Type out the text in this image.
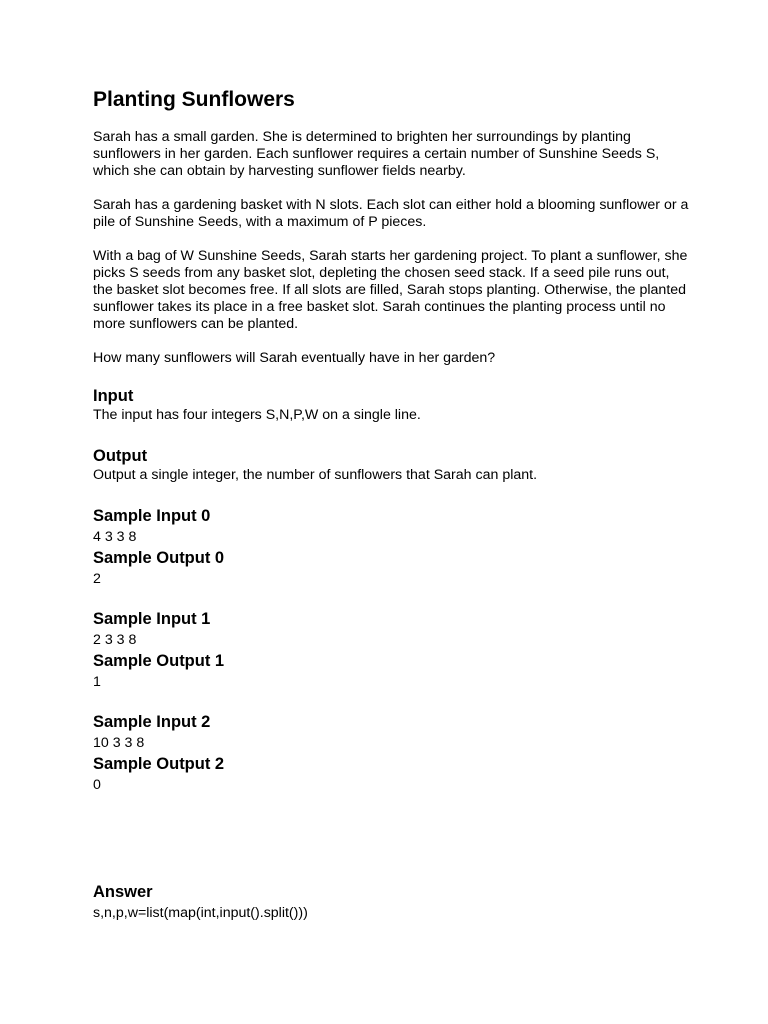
Planting Sunflowers

Sarah has a small garden. She is determined to brighten her surroundings by planting sunflowers in her garden. Each sunflower requires a certain number of Sunshine Seeds S, which she can obtain by harvesting sunflower fields nearby.

Sarah has a gardening basket with N slots. Each slot can either hold a blooming sunflower or a pile of Sunshine Seeds, with a maximum of P pieces.

With a bag of W Sunshine Seeds, Sarah starts her gardening project. To plant a sunflower, she picks S seeds from any basket slot, depleting the chosen seed stack. If a seed pile runs out, the basket slot becomes free. If all slots are filled, Sarah stops planting. Otherwise, the planted sunflower takes its place in a free basket slot. Sarah continues the planting process until no more sunflowers can be planted.

How many sunflowers will Sarah eventually have in her garden?

Input
The input has four integers S,N,P,W on a single line.
Output
Output a single integer, the number of sunflowers that Sarah can plant.
Sample Input 0
4 3 3 8
Sample Output 0
2
Sample Input 1
2 3 3 8
Sample Output 1
1
Sample Input 2
10 3 3 8
Sample Output 2
0
Answer
s,n,p,w=list(map(int,input().split()))
